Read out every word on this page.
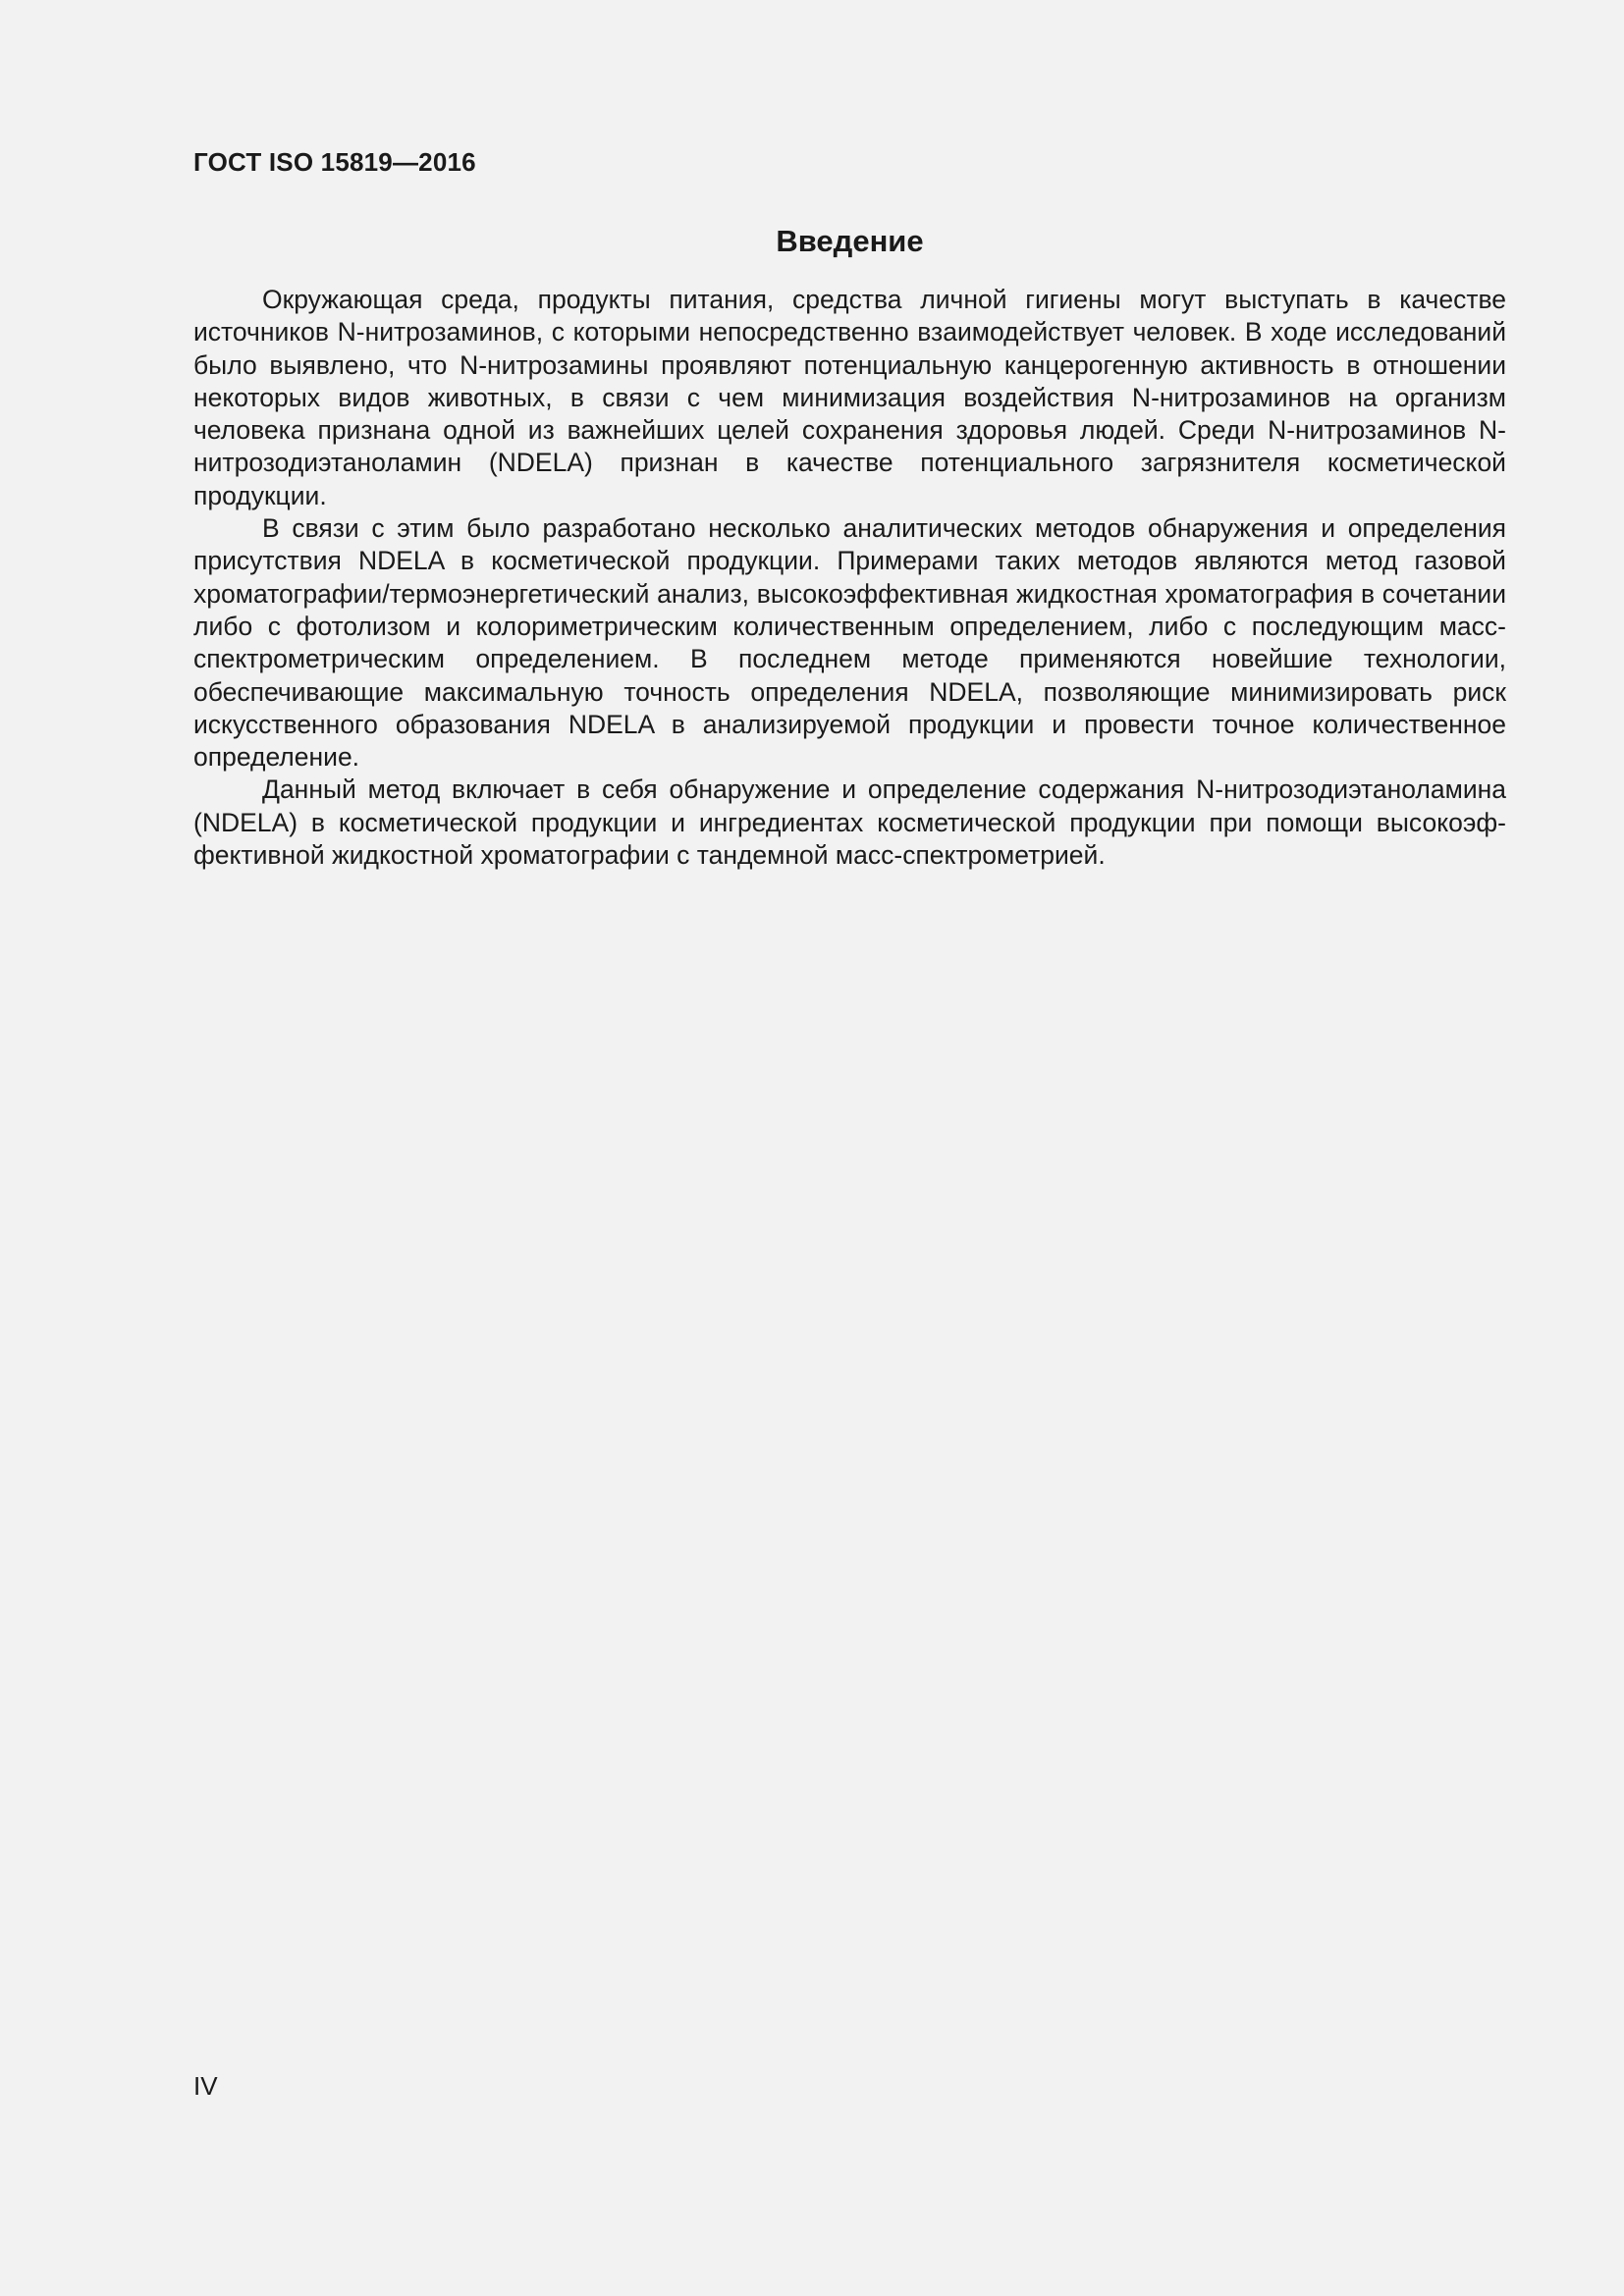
ГОСТ ISO 15819—2016
Введение

Окружающая среда, продукты питания, средства личной гигиены могут выступать в качестве источников N-нитрозаминов, с которыми непосредственно взаимодействует человек. В ходе исследований было выявлено, что N-нитрозамины проявляют потенциальную канцерогенную активность в отношении некоторых видов животных, в связи с чем минимизация воздействия N-нитрозаминов на организм человека признана одной из важнейших целей сохранения здоровья людей. Среди N-нитрозаминов N-нитрозодиэтаноламин (NDELA) признан в качестве потенциального загрязнителя косметической продукции.

В связи с этим было разработано несколько аналитических методов обнаружения и определения присутствия NDELA в косметической продукции. Примерами таких методов являются метод газовой хроматографии/термоэнергетический анализ, высокоэффективная жидкостная хроматография в сочетании либо с фотолизом и колориметрическим количественным определением, либо с последующим масс-спектрометрическим определением. В последнем методе применяются новейшие технологии, обеспечивающие максимальную точность определения NDELA, позволяющие минимизировать риск искусственного образования NDELA в анализируемой продукции и провести точное количественное определение.

Данный метод включает в себя обнаружение и определение содержания N-нитрозодиэтаноламина (NDELA) в косметической продукции и ингредиентах косметической продукции при помощи высокоэффективной жидкостной хроматографии с тандемной масс-спектрометрией.

IV
